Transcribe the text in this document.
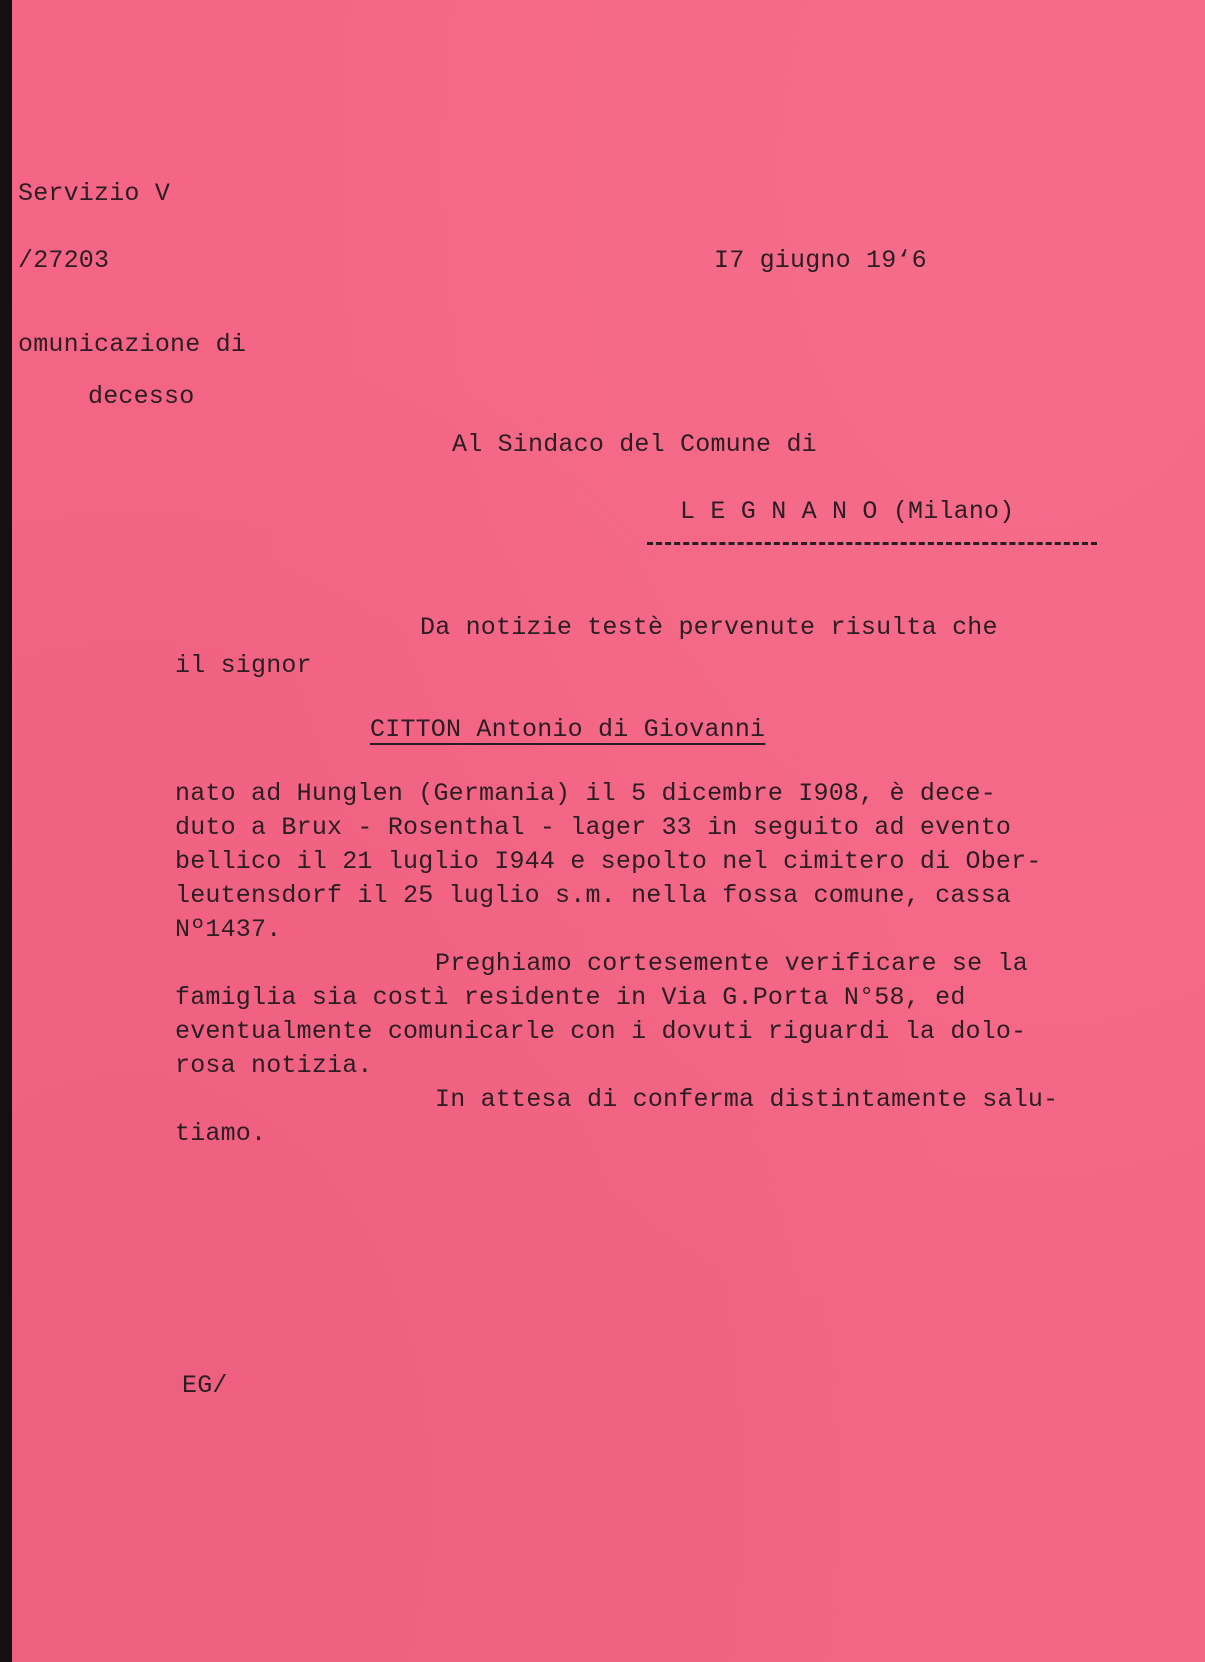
Servizio V

/27203	I7 giugno 19‘6

omunicazione di

decesso

Al Sindaco del Comune di

L E G N A N O (Milano)

Da notizie testè pervenute risulta che

il signor

CITTON Antonio di Giovanni

nato ad Hunglen (Germania) il 5 dicembre I908, è dece-

duto a Brux - Rosenthal - lager 33 in seguito ad evento

bellico il 21 luglio I944 e sepolto nel cimitero di Ober-

leutensdorf il 25 luglio s.m. nella fossa comune, cassa

Nº1437.

Preghiamo cortesemente verificare se la

famiglia sia costì residente in Via G.Porta N°58, ed

eventualmente comunicarle con i dovuti riguardi la dolo-

rosa notizia.

In attesa di conferma distintamente salu-

tiamo.

EG/
